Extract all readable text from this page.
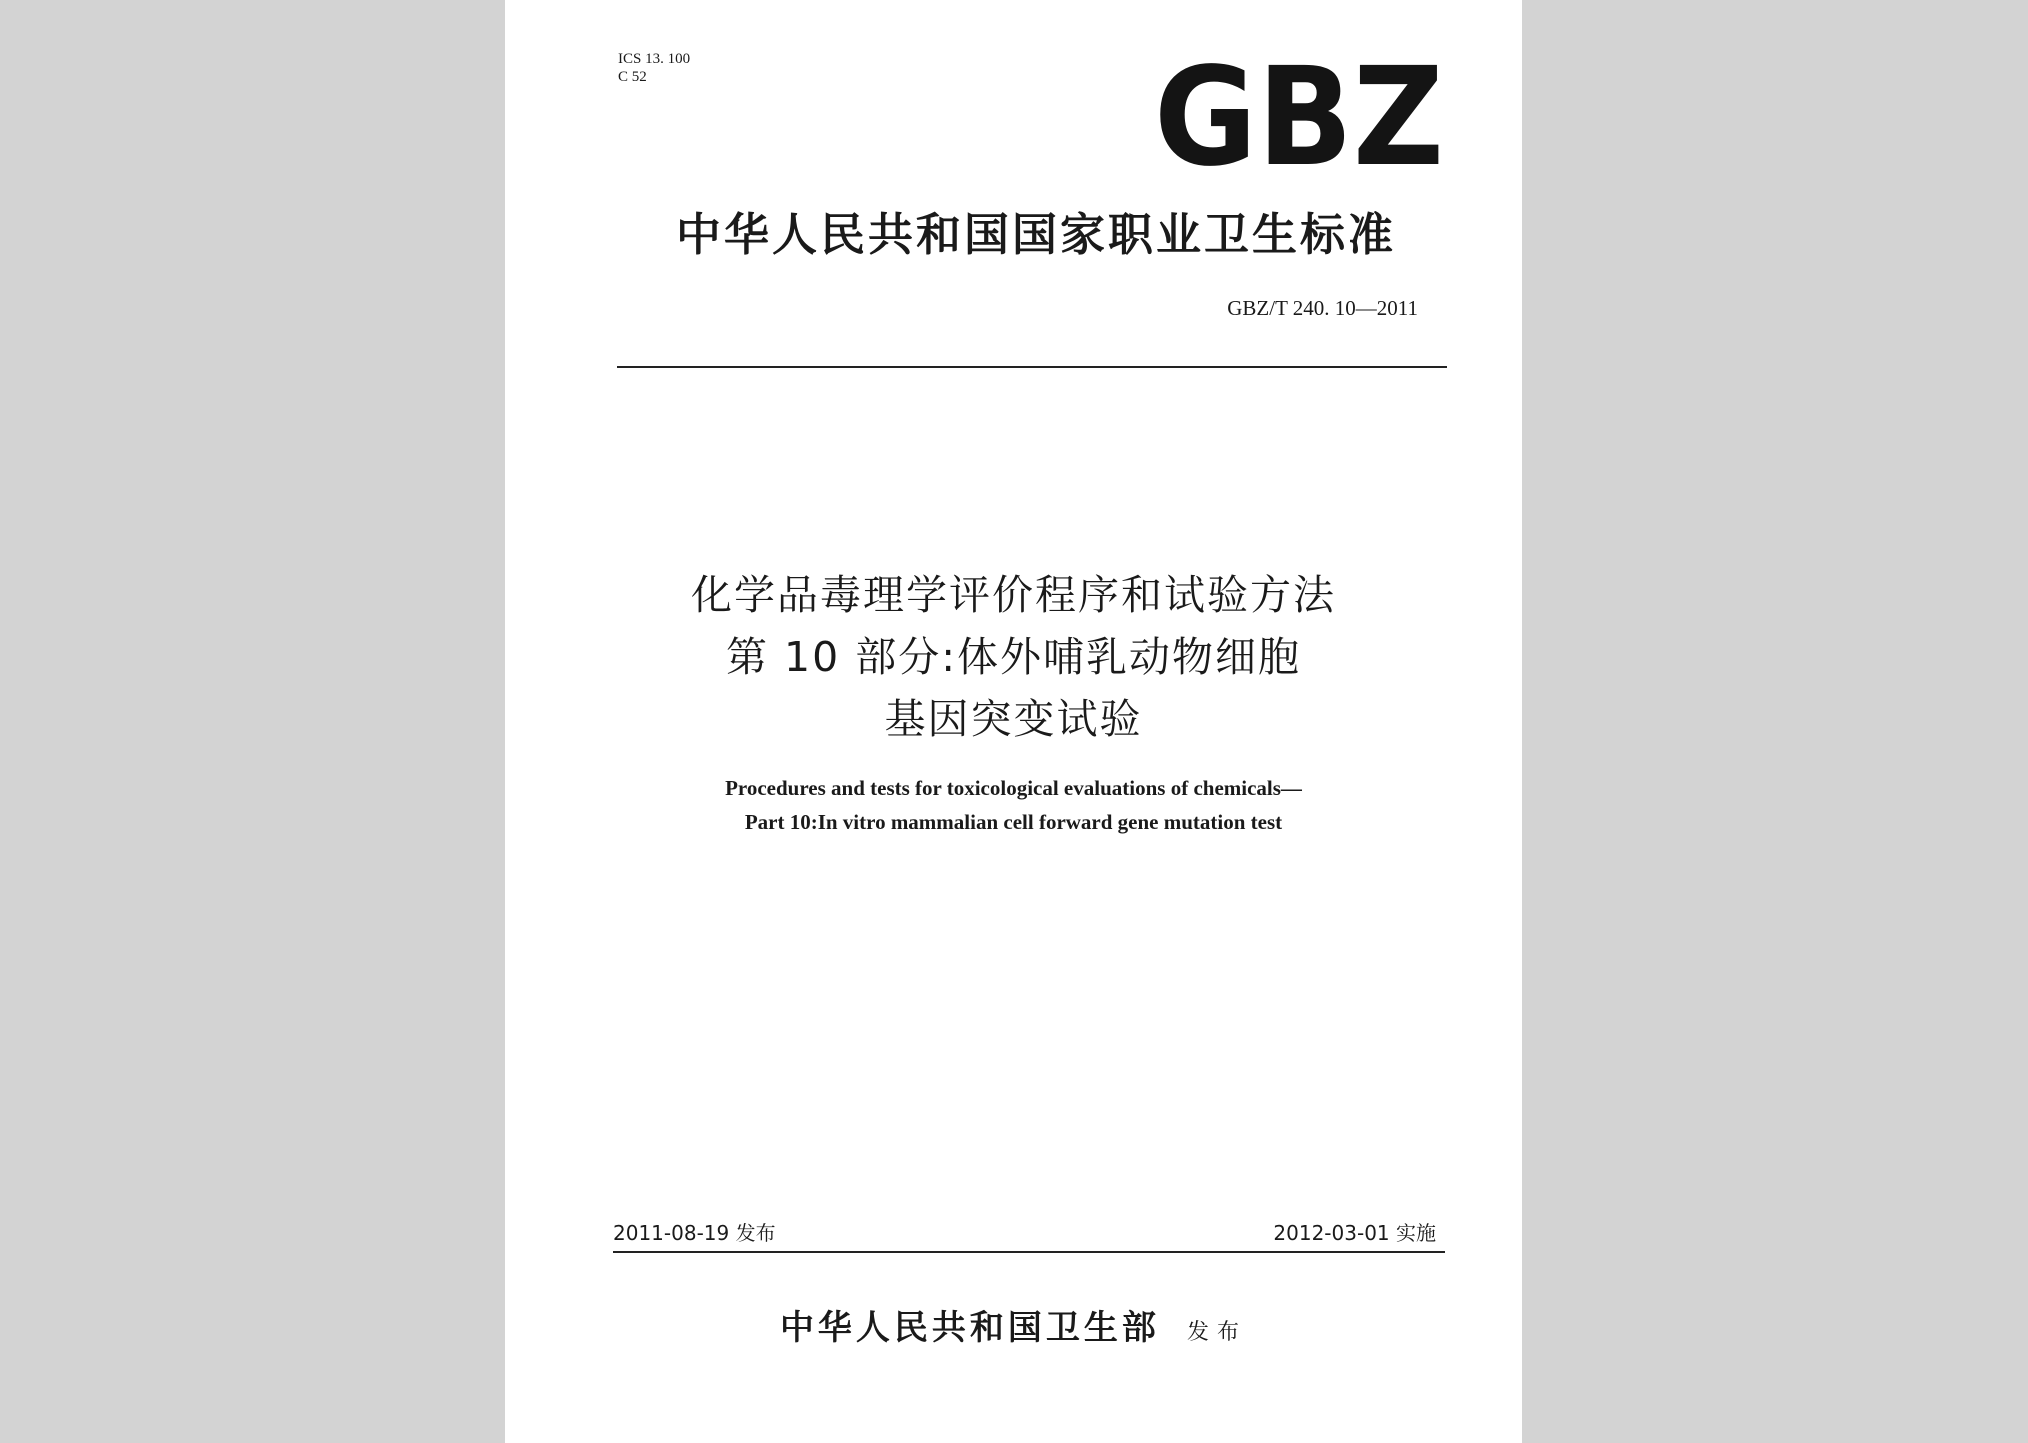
ICS 13. 100
C 52	GBZ
中华人民共和国国家职业卫生标准
GBZ/T 240. 10—2011
化学品毒理学评价程序和试验方法
第 10 部分:体外哺乳动物细胞
基因突变试验
Procedures and tests for toxicological evaluations of chemicals—
Part 10:In vitro mammalian cell forward gene mutation test
2011-08-19 发布	2012-03-01 实施
中华人民共和国卫生部 发布
